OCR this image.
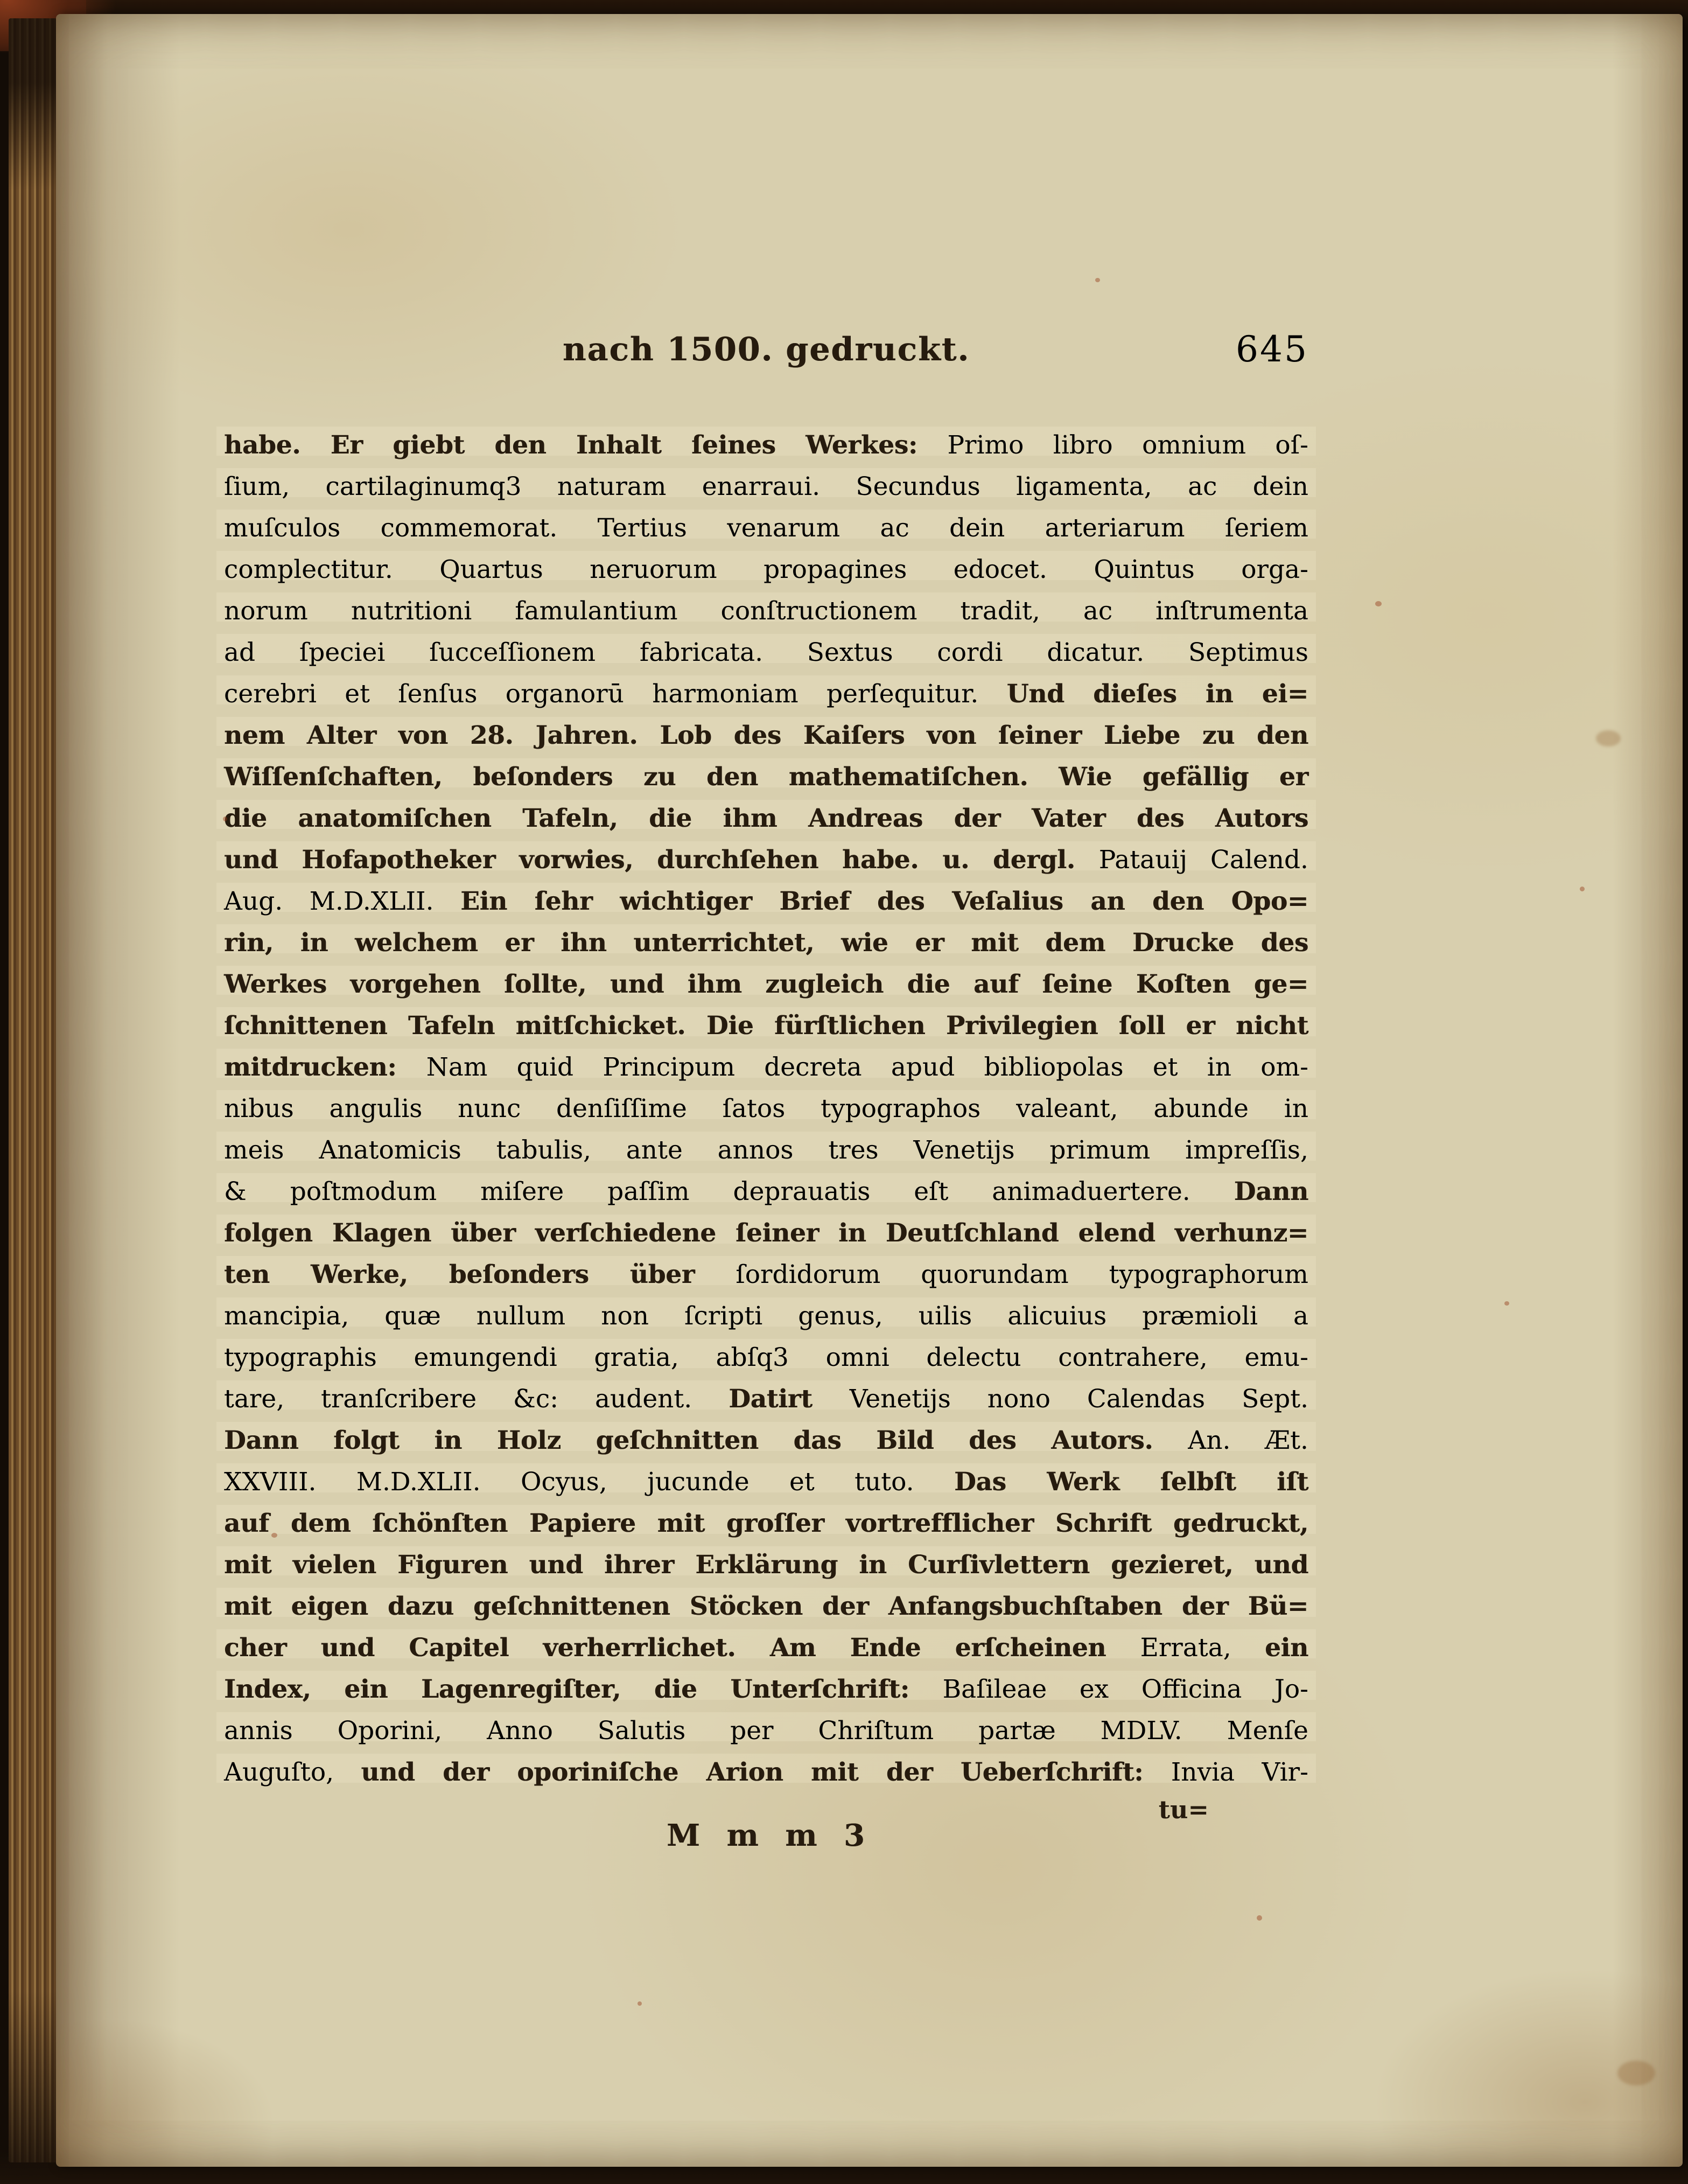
nach 1500. gedruckt.	645
habe. Er giebt den Inhalt ſeines Werkes: Primo libro omnium oſ-
ſium, cartilaginumq3 naturam enarraui. Secundus ligamenta, ac dein
muſculos commemorat. Tertius venarum ac dein arteriarum ſeriem
complectitur. Quartus neruorum propagines edocet. Quintus orga-
norum nutritioni famulantium conſtructionem tradit, ac inſtrumenta
ad ſpeciei ſucceſſionem fabricata. Sextus cordi dicatur. Septimus
cerebri et ſenſus organorū harmoniam perſequitur. Und dieſes in ei=
nem Alter von 28. Jahren. Lob des Kaiſers von ſeiner Liebe zu den
Wiſſenſchaften, beſonders zu den mathematiſchen. Wie gefällig er
die anatomiſchen Tafeln, die ihm Andreas der Vater des Autors
und Hofapotheker vorwies, durchſehen habe. u. dergl. Patauij Calend.
Aug. M.D.XLII. Ein ſehr wichtiger Brief des Veſalius an den Opo=
rin, in welchem er ihn unterrichtet, wie er mit dem Drucke des
Werkes vorgehen ſollte, und ihm zugleich die auf ſeine Koſten ge=
ſchnittenen Tafeln mitſchicket. Die fürſtlichen Privilegien ſoll er nicht
mitdrucken: Nam quid Principum decreta apud bibliopolas et in om-
nibus angulis nunc denſiſſime ſatos typographos valeant, abunde in
meis Anatomicis tabulis, ante annos tres Venetijs primum impreſſis,
& poſtmodum miſere paſſim deprauatis eſt animaduertere. Dann
folgen Klagen über verſchiedene ſeiner in Deutſchland elend verhunz=
ten Werke, beſonders über ſordidorum quorundam typographorum
mancipia, quæ nullum non ſcripti genus, uilis alicuius præmioli a
typographis emungendi gratia, abſq3 omni delectu contrahere, emu-
tare, tranſcribere &c: audent. Datirt Venetijs nono Calendas Sept.
Dann folgt in Holz geſchnitten das Bild des Autors. An. Æt.
XXVIII. M.D.XLII. Ocyus, jucunde et tuto. Das Werk ſelbſt iſt
auf dem ſchönſten Papiere mit groſſer vortrefflicher Schrift gedruckt,
mit vielen Figuren und ihrer Erklärung in Curſivlettern gezieret, und
mit eigen dazu geſchnittenen Stöcken der Anfangsbuchſtaben der Bü=
cher und Capitel verherrlichet. Am Ende erſcheinen Errata, ein
Index, ein Lagenregiſter, die Unterſchrift: Baſileae ex Officina Jo-
annis Oporini, Anno Salutis per Chriſtum partæ MDLV. Menſe
Auguſto, und der oporiniſche Arion mit der Ueberſchrift: Invia Vir-
tu=
M m m 3
